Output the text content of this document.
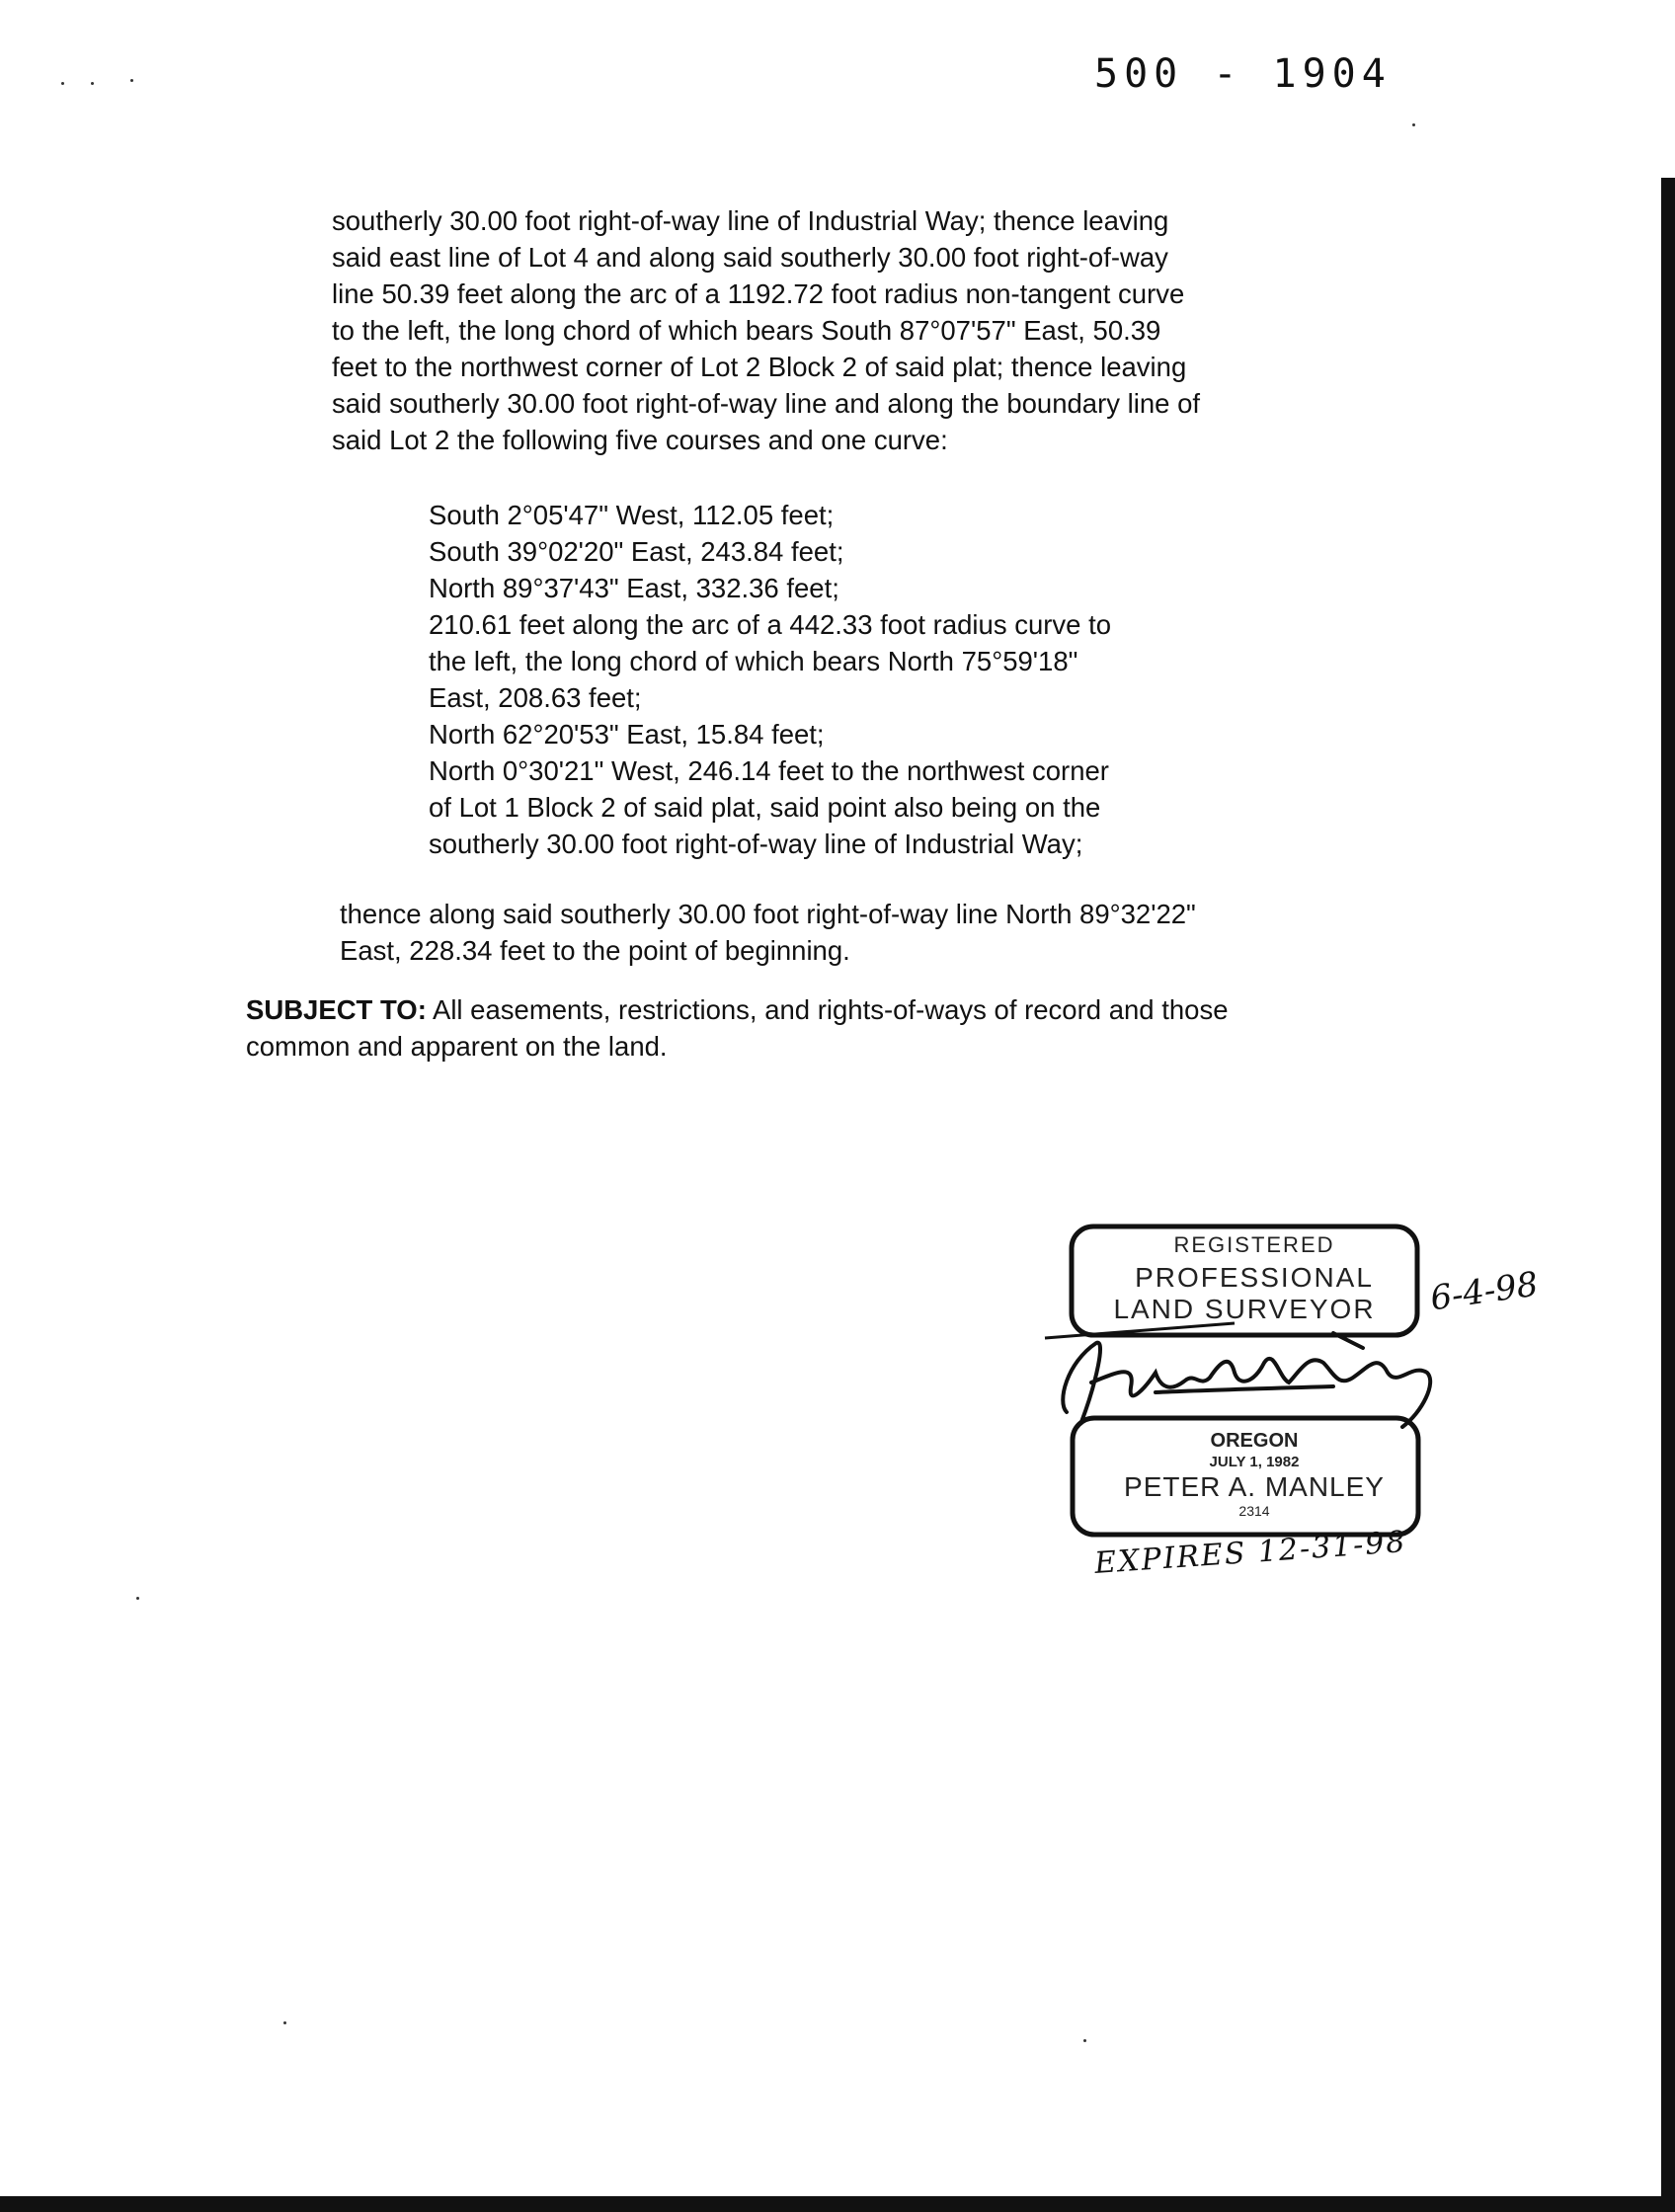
500 - 1904
southerly 30.00 foot right-of-way line of Industrial Way; thence leaving
said east line of Lot 4 and along said southerly 30.00 foot right-of-way
line 50.39 feet along the arc of a 1192.72 foot radius non-tangent curve
to the left, the long chord of which bears South 87°07'57" East, 50.39
feet to the northwest corner of Lot 2 Block 2 of said plat; thence leaving
said southerly 30.00 foot right-of-way line and along the boundary line of
said Lot 2 the following five courses and one curve:
South 2°05'47" West, 112.05 feet;
South 39°02'20" East, 243.84 feet;
North 89°37'43" East, 332.36 feet;
210.61 feet along the arc of a 442.33 foot radius curve to
the left, the long chord of which bears North 75°59'18"
East, 208.63 feet;
North 62°20'53" East, 15.84 feet;
North 0°30'21" West, 246.14 feet to the northwest corner
of Lot 1 Block 2 of said plat, said point also being on the
southerly 30.00 foot right-of-way line of Industrial Way;
thence along said southerly 30.00 foot right-of-way line North 89°32'22"
East, 228.34 feet to the point of beginning.
SUBJECT TO: All easements, restrictions, and rights-of-ways of record and those
common and apparent on the land.
REGISTERED
PROFESSIONAL
LAND SURVEYOR
OREGON
JULY 1, 1982
PETER A. MANLEY
2314
6-4-98
EXPIRES 12-31-98
